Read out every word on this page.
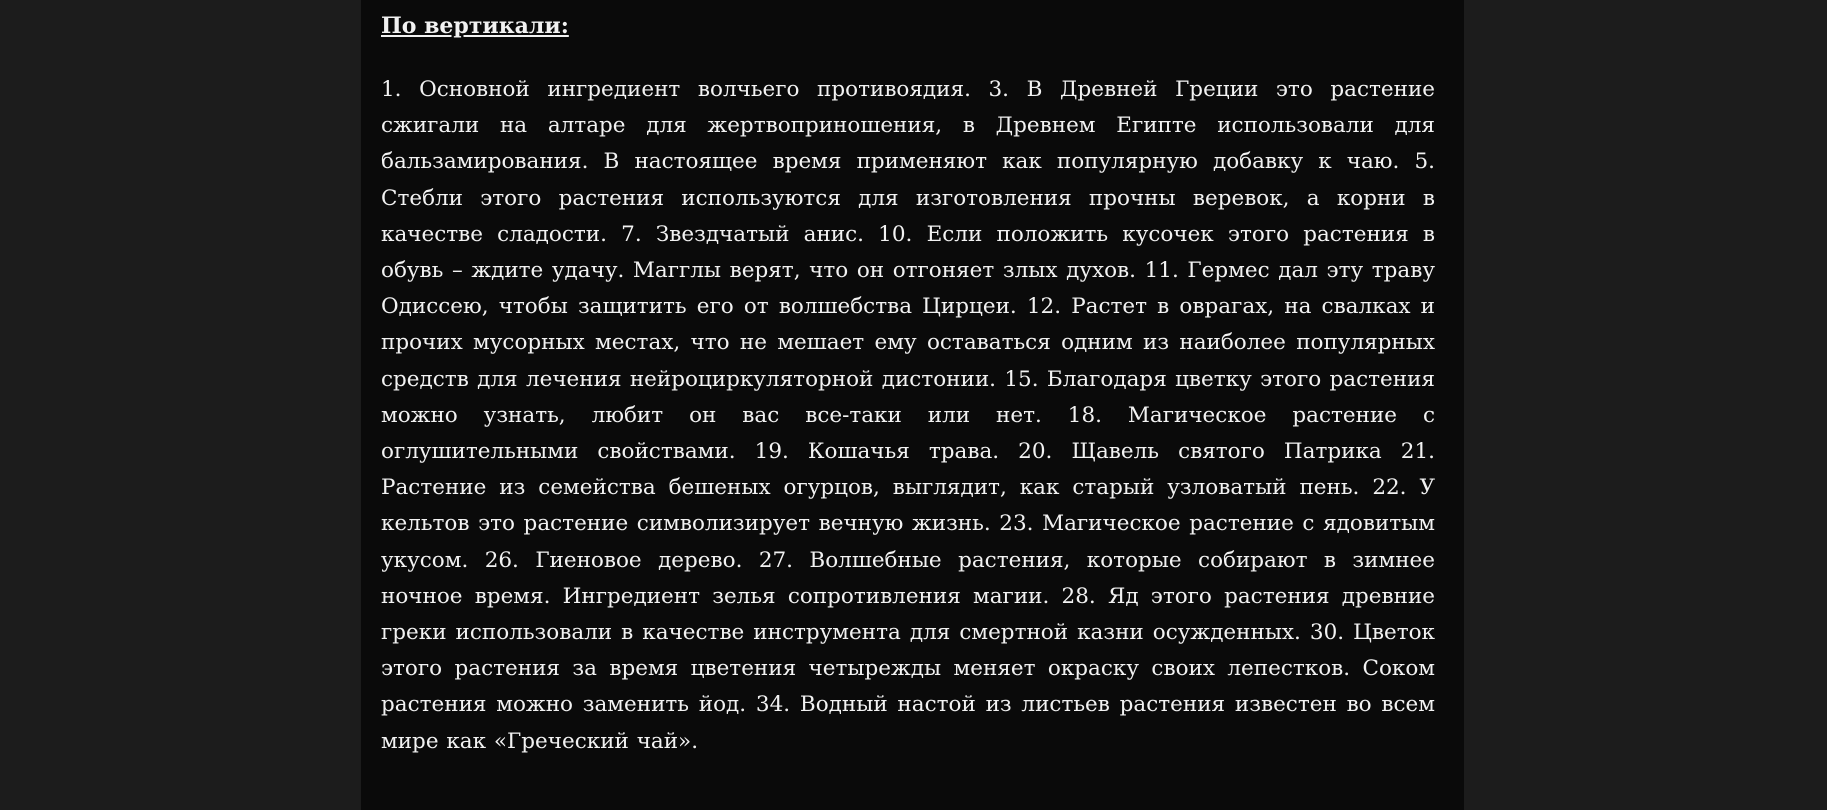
По вертикали:

1. Основной ингредиент волчьего противоядия. 3. В Древней Греции это растение сжигали на алтаре для жертвоприношения, в Древнем Египте использовали для бальзамирования. В настоящее время применяют как популярную добавку к чаю. 5. Стебли этого растения используются для изготовления прочны веревок, а корни в качестве сладости. 7. Звездчатый анис. 10. Если положить кусочек этого растения в обувь – ждите удачу. Магглы верят, что он отгоняет злых духов. 11. Гермес дал эту траву Одиссею, чтобы защитить его от волшебства Цирцеи. 12. Растет в оврагах, на свалках и прочих мусорных местах, что не мешает ему оставаться одним из наиболее популярных средств для лечения нейроциркуляторной дистонии. 15. Благодаря цветку этого растения можно узнать, любит он вас все-таки или нет. 18. Магическое растение с оглушительными свойствами. 19. Кошачья трава. 20. Щавель святого Патрика 21. Растение из семейства бешеных огурцов, выглядит, как старый узловатый пень. 22. У кельтов это растение символизирует вечную жизнь. 23. Магическое растение с ядовитым укусом. 26. Гиеновое дерево. 27. Волшебные растения, которые собирают в зимнее ночное время. Ингредиент зелья сопротивления магии. 28. Яд этого растения древние греки использовали в качестве инструмента для смертной казни осужденных. 30. Цветок этого растения за время цветения четырежды меняет окраску своих лепестков. Соком растения можно заменить йод. 34. Водный настой из листьев растения известен во всем мире как «Греческий чай».
